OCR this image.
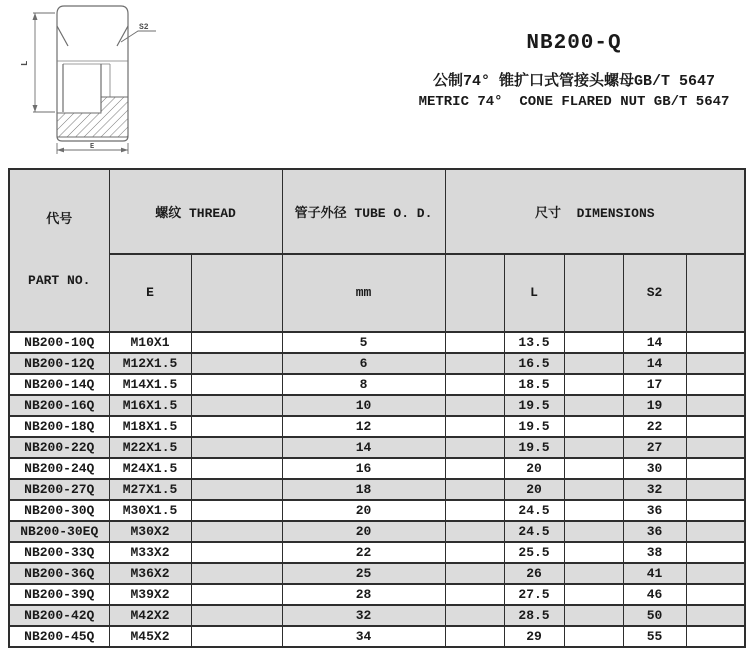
L
E
S2
NB200-Q
公制74° 锥扩口式管接头螺母GB/T 5647
METRIC 74°  CONE FLARED NUT GB/T 5647

代号

PART NO.	螺纹 THREAD		管子外径 TUBE O. D.	尺寸  DIMENSIONS				
	E		mm		L		S2	
NB200-10Q	M10X1		5		13.5		14	
NB200-12Q	M12X1.5		6		16.5		14	
NB200-14Q	M14X1.5		8		18.5		17	
NB200-16Q	M16X1.5		10		19.5		19	
NB200-18Q	M18X1.5		12		19.5		22	
NB200-22Q	M22X1.5		14		19.5		27	
NB200-24Q	M24X1.5		16		20		30	
NB200-27Q	M27X1.5		18		20		32	
NB200-30Q	M30X1.5		20		24.5		36	
NB200-30EQ	M30X2		20		24.5		36	
NB200-33Q	M33X2		22		25.5		38	
NB200-36Q	M36X2		25		26		41	
NB200-39Q	M39X2		28		27.5		46	
NB200-42Q	M42X2		32		28.5		50	
NB200-45Q	M45X2		34		29		55	
